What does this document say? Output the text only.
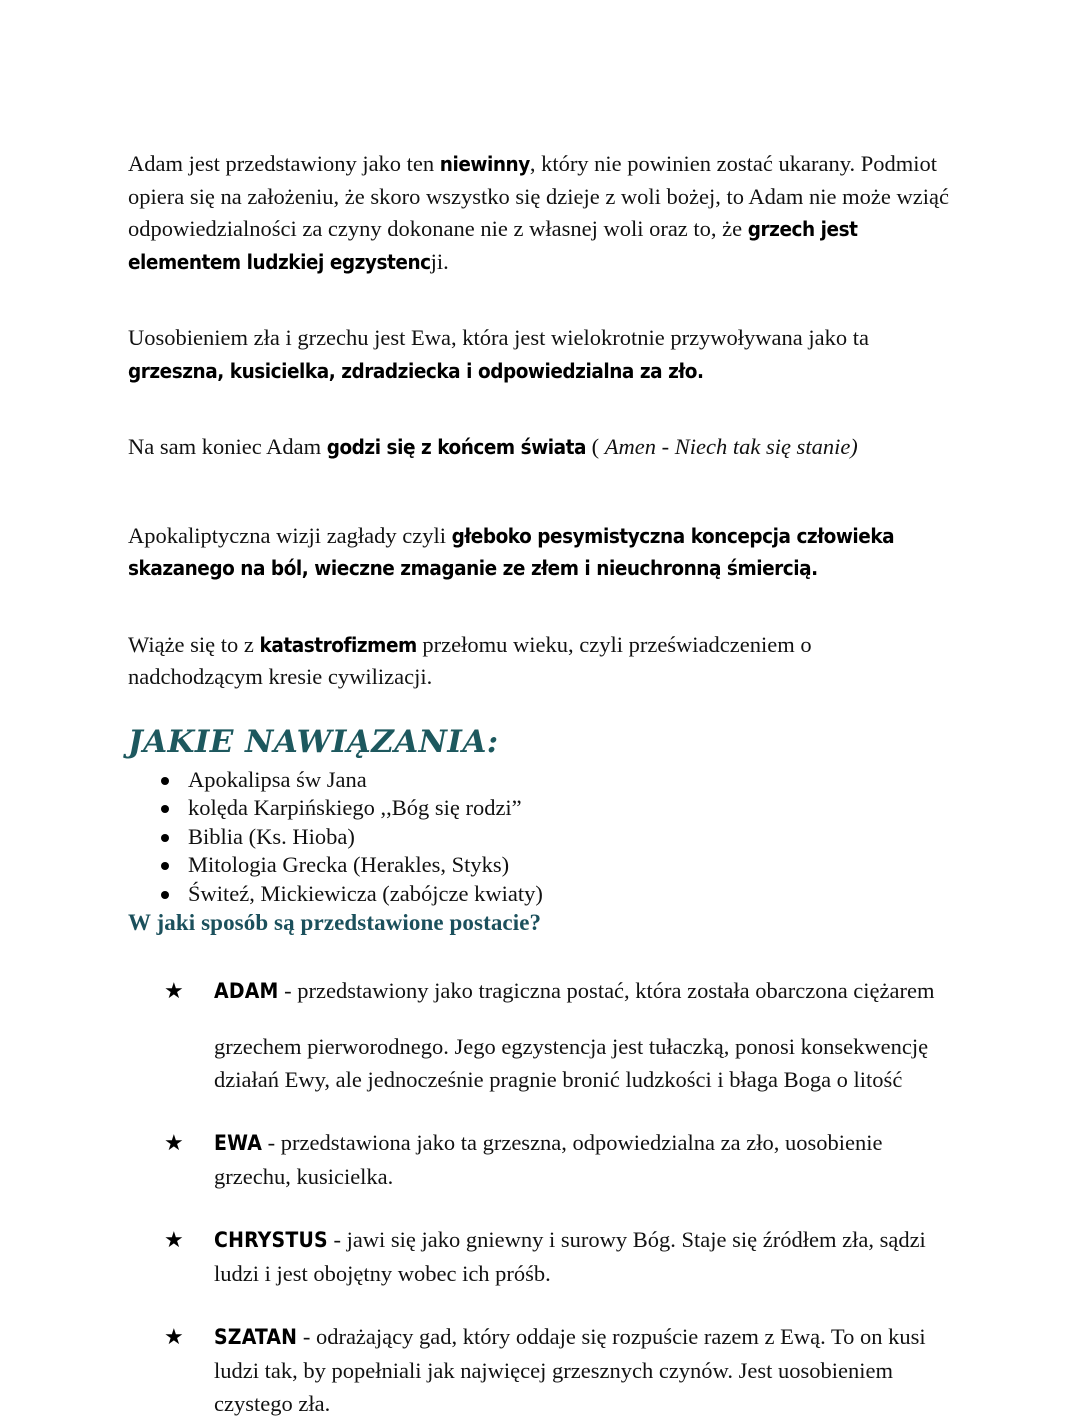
Adam jest przedstawiony jako ten niewinny, który nie powinien zostać ukarany. Podmiot opiera się na założeniu, że skoro wszystko się dzieje z woli bożej, to Adam nie może wziąć odpowiedzialności za czyny dokonane nie z własnej woli oraz to, że grzech jest elementem ludzkiej egzystencji.

Uosobieniem zła i grzechu jest Ewa, która jest wielokrotnie przywoływana jako ta grzeszna, kusicielka, zdradziecka i odpowiedzialna za zło.

Na sam koniec Adam godzi się z końcem świata ( Amen - Niech tak się stanie)

Apokaliptyczna wizji zagłady czyli głeboko pesymistyczna koncepcja człowieka skazanego na ból, wieczne zmaganie ze złem i nieuchronną śmiercią.

Wiąże się to z katastrofizmem przełomu wieku, czyli przeświadczeniem o nadchodzącym kresie cywilizacji.

JAKIE NAWIĄZANIA:
Apokalipsa św Jana
kolęda Karpińskiego ,,Bóg się rodzi”
Biblia (Ks. Hioba)
Mitologia Grecka (Herakles, Styks)
Świteź, Mickiewicza (zabójcze kwiaty)
W jaki sposób są przedstawione postacie?
★ ADAM - przedstawiony jako tragiczna postać, która została obarczona ciężarem
grzechem pierworodnego. Jego egzystencja jest tułaczką, ponosi konsekwencję działań Ewy, ale jednocześnie pragnie bronić ludzkości i błaga Boga o litość
★ EWA - przedstawiona jako ta grzeszna, odpowiedzialna za zło, uosobienie grzechu, kusicielka.
★ CHRYSTUS - jawi się jako gniewny i surowy Bóg. Staje się źródłem zła, sądzi ludzi i jest obojętny wobec ich próśb.
★ SZATAN - odrażający gad, który oddaje się rozpuście razem z Ewą. To on kusi ludzi tak, by popełniali jak najwięcej grzesznych czynów. Jest uosobieniem czystego zła.
